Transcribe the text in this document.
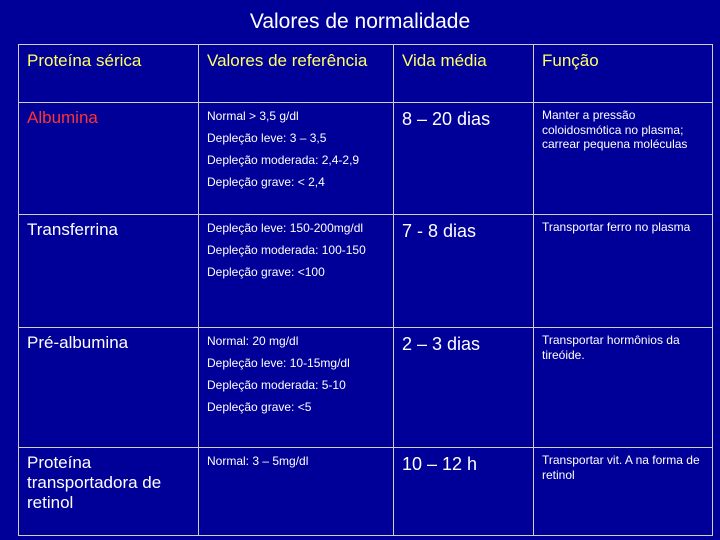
Valores de normalidade
Proteína sérica	Valores de referência	Vida média	Função
Albumina	Normal > 3,5 g/dl
Depleção leve: 3 – 3,5
Depleção moderada: 2,4-2,9
Depleção grave: < 2,4	8 – 20 dias	Manter a pressão coloidosmótica no plasma; carrear pequena moléculas
Transferrina	Depleção leve: 150-200mg/dl
Depleção moderada: 100-150
Depleção grave: <100	7 - 8 dias	Transportar ferro no plasma
Pré-albumina	Normal: 20 mg/dl
Depleção leve: 10-15mg/dl
Depleção moderada: 5-10
Depleção grave: <5	2 – 3 dias	Transportar hormônios da tireóide.
Proteína transportadora de retinol	Normal: 3 – 5mg/dl	10 – 12 h	Transportar vit. A na forma de retinol
